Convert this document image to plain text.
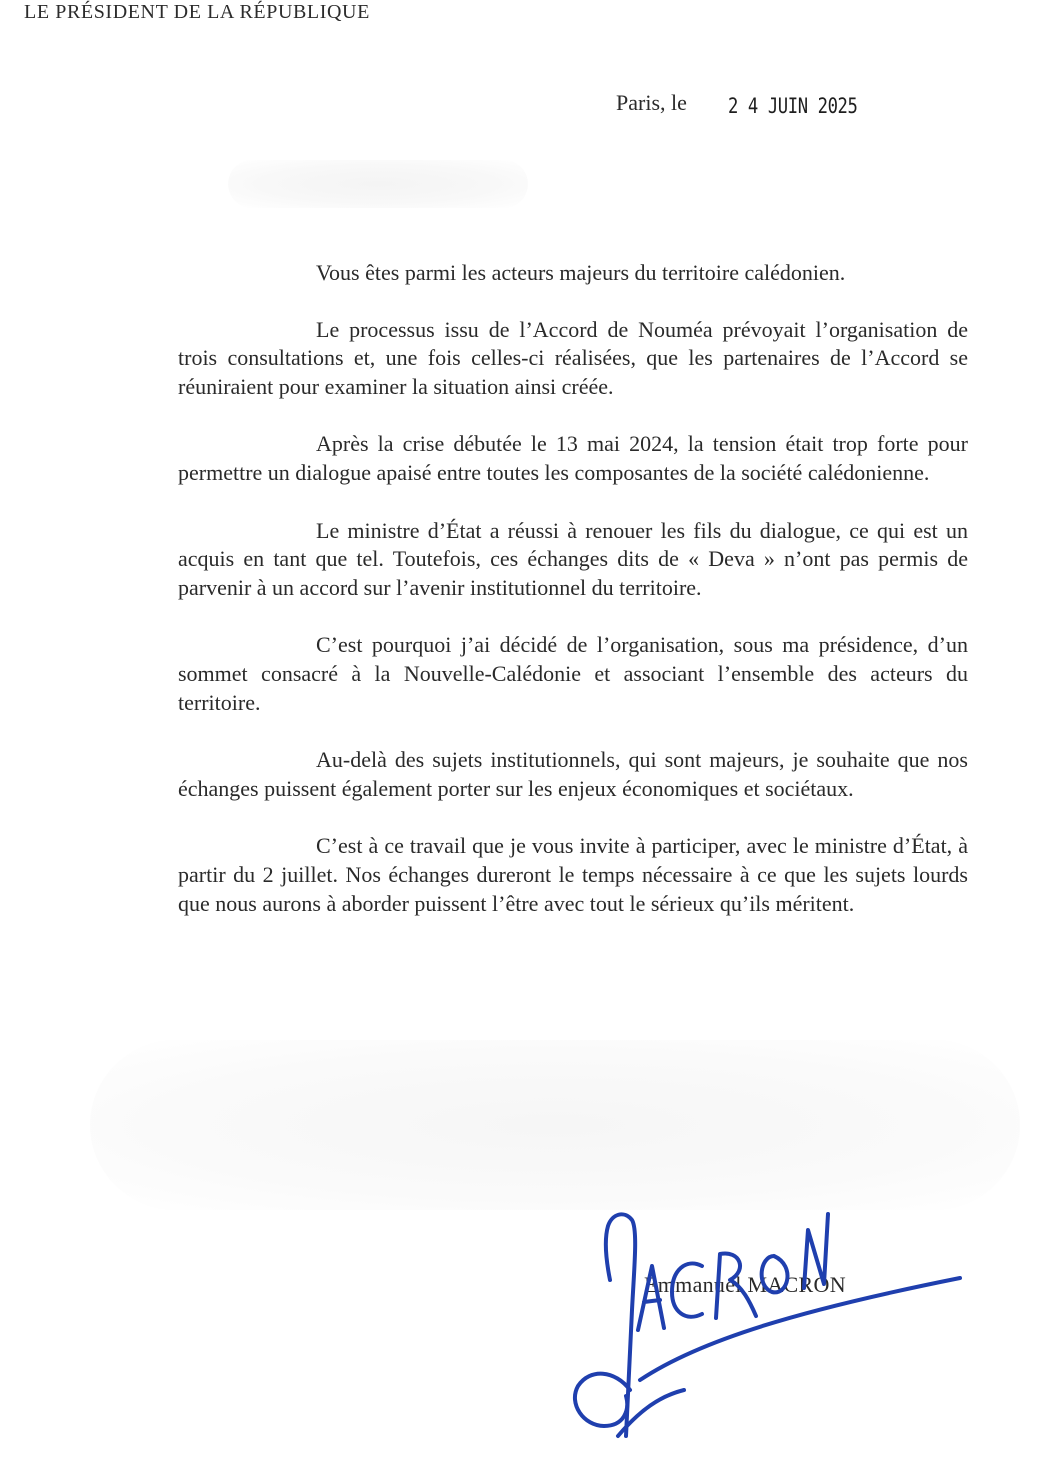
LE PRÉSIDENT DE LA RÉPUBLIQUE
Paris, le 2 4 JUIN 2025

Vous êtes parmi les acteurs majeurs du territoire calédonien.

Le processus issu de l’Accord de Nouméa prévoyait l’organisation de trois consultations et, une fois celles-ci réalisées, que les partenaires de l’Accord se réuniraient pour examiner la situation ainsi créée.

Après la crise débutée le 13 mai 2024, la tension était trop forte pour permettre un dialogue apaisé entre toutes les composantes de la société calédonienne.

Le ministre d’État a réussi à renouer les fils du dialogue, ce qui est un acquis en tant que tel. Toutefois, ces échanges dits de « Deva » n’ont pas permis de parvenir à un accord sur l’avenir institutionnel du territoire.

C’est pourquoi j’ai décidé de l’organisation, sous ma présidence, d’un sommet consacré à la Nouvelle-Calédonie et associant l’ensemble des acteurs du territoire.

Au-delà des sujets institutionnels, qui sont majeurs, je souhaite que nos échanges puissent également porter sur les enjeux économiques et sociétaux.

C’est à ce travail que je vous invite à participer, avec le ministre d’État, à partir du 2 juillet. Nos échanges dureront le temps nécessaire à ce que les sujets lourds que nous aurons à aborder puissent l’être avec tout le sérieux qu’ils méritent.

Emmanuel MACRON
